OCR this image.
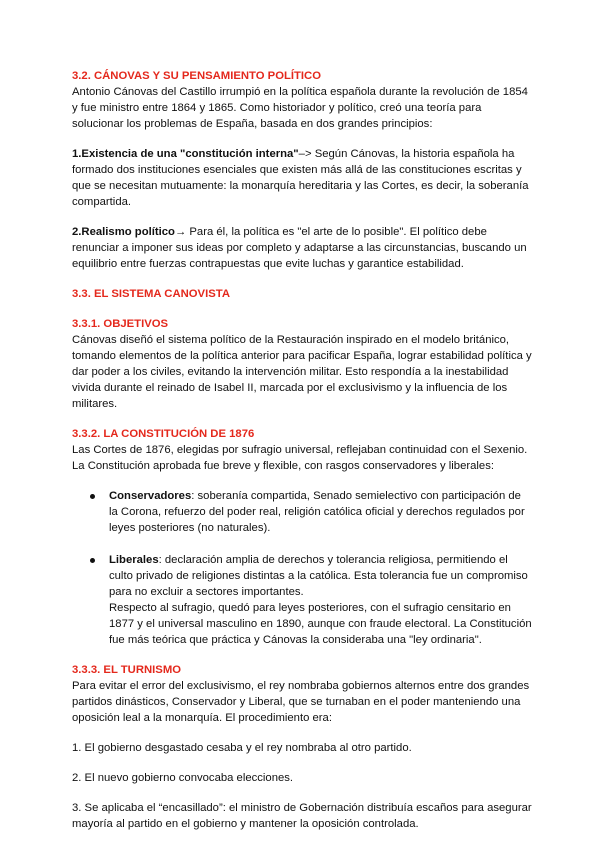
3.2. CÁNOVAS Y SU PENSAMIENTO POLÍTICO

Antonio Cánovas del Castillo irrumpió en la política española durante la revolución de 1854 y fue ministro entre 1864 y 1865. Como historiador y político, creó una teoría para solucionar los problemas de España, basada en dos grandes principios:

1.Existencia de una "constitución interna"–> Según Cánovas, la historia española ha formado dos instituciones esenciales que existen más allá de las constituciones escritas y que se necesitan mutuamente: la monarquía hereditaria y las Cortes, es decir, la soberanía compartida.

2.Realismo político→ Para él, la política es "el arte de lo posible". El político debe renunciar a imponer sus ideas por completo y adaptarse a las circunstancias, buscando un equilibrio entre fuerzas contrapuestas que evite luchas y garantice estabilidad.

3.3. EL SISTEMA CANOVISTA

3.3.1. OBJETIVOS

Cánovas diseñó el sistema político de la Restauración inspirado en el modelo británico, tomando elementos de la política anterior para pacificar España, lograr estabilidad política y dar poder a los civiles, evitando la intervención militar. Esto respondía a la inestabilidad vivida durante el reinado de Isabel II, marcada por el exclusivismo y la influencia de los militares.

3.3.2. LA CONSTITUCIÓN DE 1876

Las Cortes de 1876, elegidas por sufragio universal, reflejaban continuidad con el Sexenio. La Constitución aprobada fue breve y flexible, con rasgos conservadores y liberales:

Conservadores: soberanía compartida, Senado semielectivo con participación de la Corona, refuerzo del poder real, religión católica oficial y derechos regulados por leyes posteriores (no naturales).
Liberales: declaración amplia de derechos y tolerancia religiosa, permitiendo el culto privado de religiones distintas a la católica. Esta tolerancia fue un compromiso para no excluir a sectores importantes.

Respecto al sufragio, quedó para leyes posteriores, con el sufragio censitario en 1877 y el universal masculino en 1890, aunque con fraude electoral. La Constitución fue más teórica que práctica y Cánovas la consideraba una "ley ordinaria".

3.3.3. EL TURNISMO

Para evitar el error del exclusivismo, el rey nombraba gobiernos alternos entre dos grandes partidos dinásticos, Conservador y Liberal, que se turnaban en el poder manteniendo una oposición leal a la monarquía. El procedimiento era:

1. El gobierno desgastado cesaba y el rey nombraba al otro partido.

2. El nuevo gobierno convocaba elecciones.

3. Se aplicaba el “encasillado”: el ministro de Gobernación distribuía escaños para asegurar mayoría al partido en el gobierno y mantener la oposición controlada.
